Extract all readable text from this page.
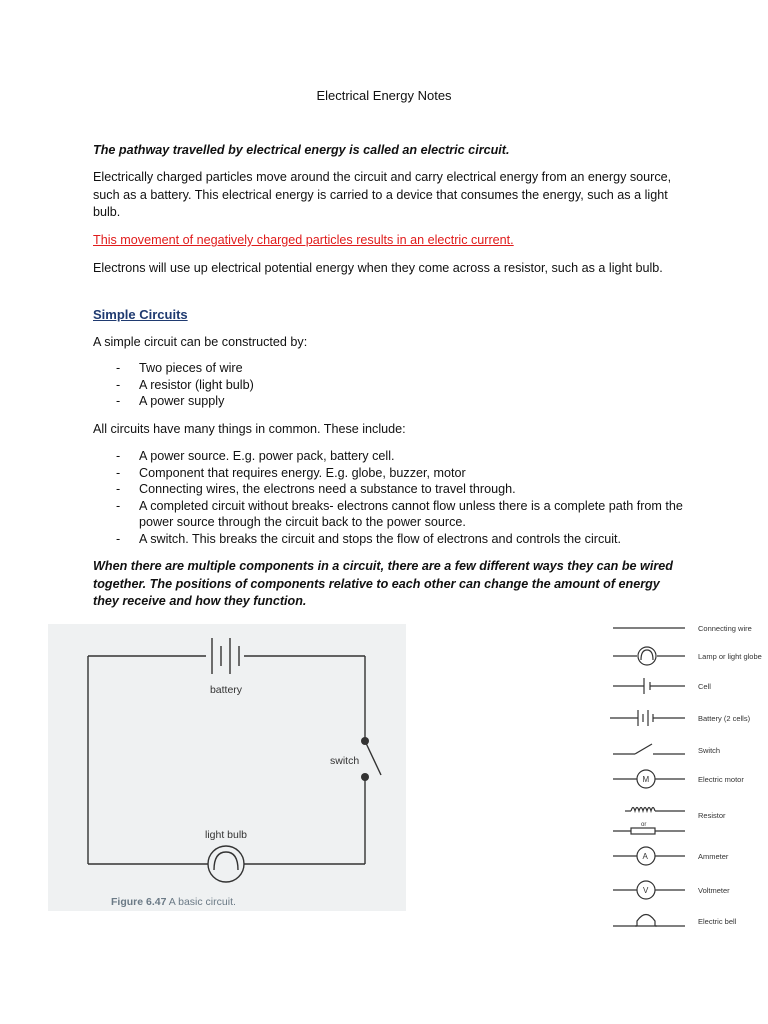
Electrical Energy Notes

The pathway travelled by electrical energy is called an electric circuit.

Electrically charged particles move around the circuit and carry electrical energy from an energy source, such as a battery. This electrical energy is carried to a device that consumes the energy, such as a light bulb.

This movement of negatively charged particles results in an electric current.

Electrons will use up electrical potential energy when they come across a resistor, such as a light bulb.

Simple Circuits

A simple circuit can be constructed by:

- Two pieces of wire
- A resistor (light bulb)
- A power supply

All circuits have many things in common. These include:

- A power source. E.g. power pack, battery cell.
- Component that requires energy. E.g. globe, buzzer, motor
- Connecting wires, the electrons need a substance to travel through.
- A completed circuit without breaks- electrons cannot flow unless there is a complete path from the power source through the circuit back to the power source.
- A switch. This breaks the circuit and stops the flow of electrons and controls the circuit.

When there are multiple components in a circuit, there are a few different ways they can be wired together. The positions of components relative to each other can change the amount of energy they receive and how they function.

battery
switch
light bulb
Figure 6.47 A basic circuit.
M
A
V
or
Connecting wire
Lamp or light globe
Cell
Battery (2 cells)
Switch
Electric motor
Resistor
Ammeter
Voltmeter
Electric bell
